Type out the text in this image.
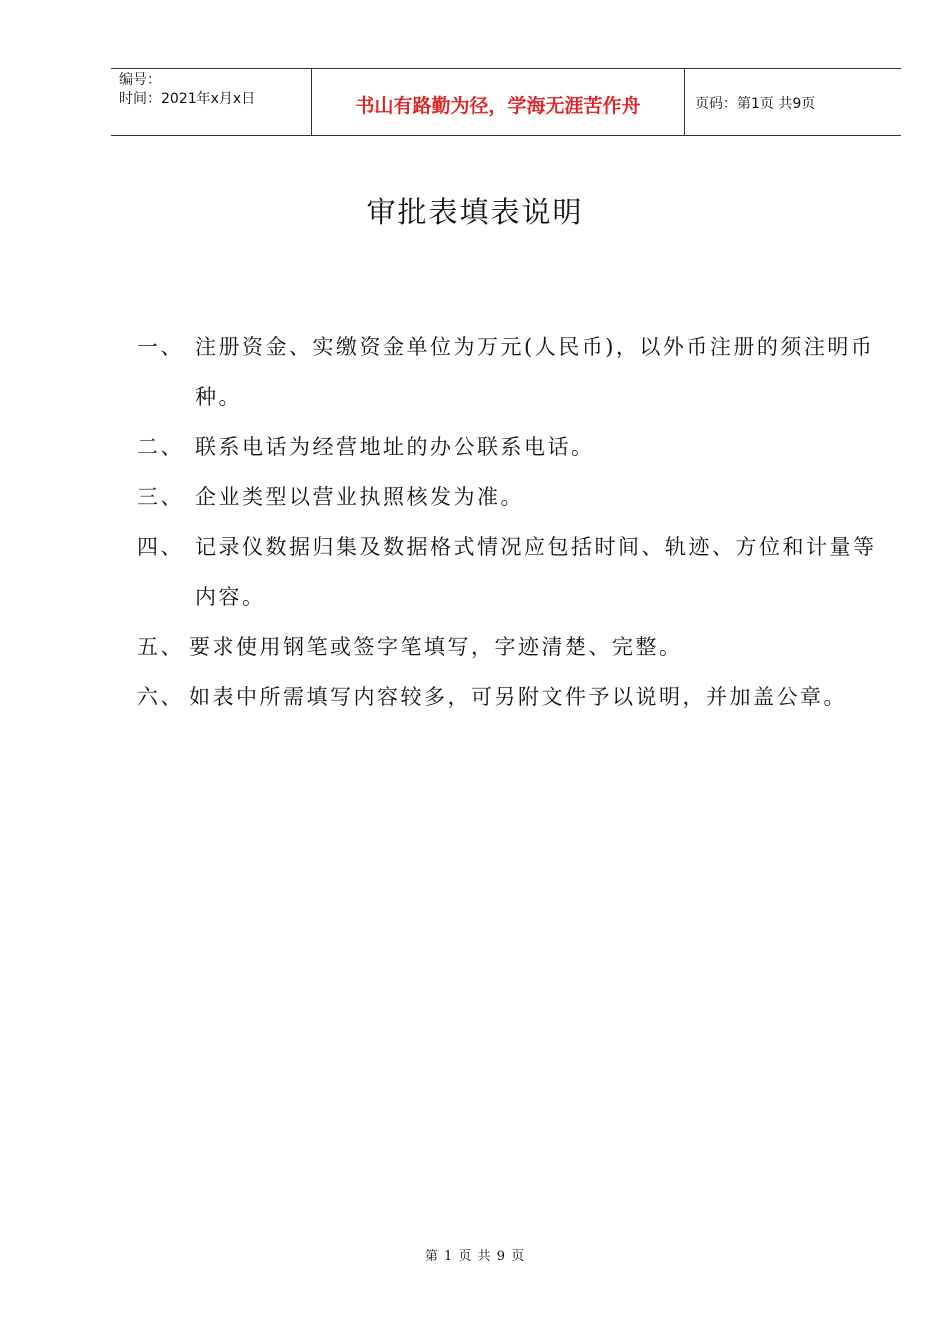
编号：
时间：2021年x月x日	书山有路勤为径，学海无涯苦作舟	页码：第1页 共9页
审批表填表说明
一、 注册资金、实缴资金单位为万元(人民币)，以外币注册的须注明币种。
二、 联系电话为经营地址的办公联系电话。
三、 企业类型以营业执照核发为准。
四、 记录仪数据归集及数据格式情况应包括时间、轨迹、方位和计量等内容。
五、 要求使用钢笔或签字笔填写，字迹清楚、完整。
六、 如表中所需填写内容较多，可另附文件予以说明，并加盖公章。
第 1 页 共 9 页
